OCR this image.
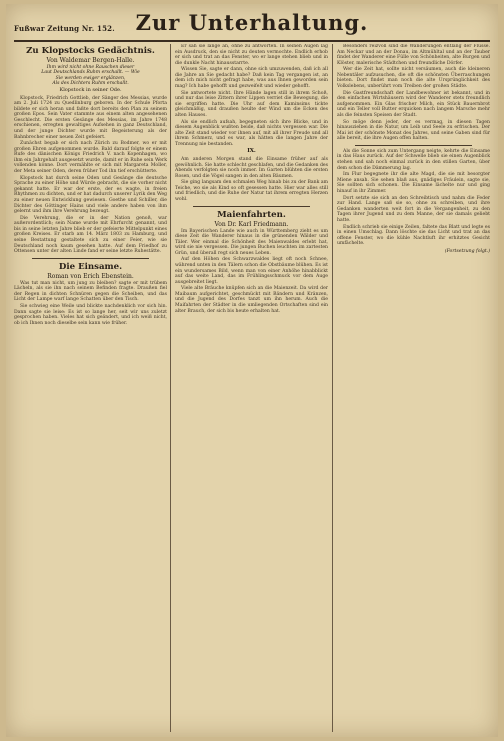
Fußwar Zeitung Nr. 152. Zur Unterhaltung.
Zu Klopstocks Gedächtnis.
Von Waldemar Bergen-Halle.
Ihm wird nicht ohne Rauschen dieser
Laut Deutschlands Ruhm erschallt. — Wie
Sie werden ewiger erglänzen,
Als des Dichters Ruhm erschallt.
Klopstock in seiner Ode.

Klopstock, Friedrich Gottlieb, der Sänger des Messias, wurde am 2. Juli 1724 zu Quedlinburg geboren. In der Schule Pforta bildete er sich heran und faßte dort bereits den Plan zu seinem großen Epos. Sein Vater stammte aus einem alten angesehenen Geschlecht. Die ersten Gesänge des Messias, im Jahre 1748 erschienen, erregten gewaltiges Aufsehen in ganz Deutschland, und der junge Dichter wurde mit Begeisterung als der Bahnbrecher einer neuen Zeit gefeiert.

Zunächst begab er sich nach Zürich zu Bodmer, wo er mit großen Ehren aufgenommen wurde. Bald darauf folgte er einem Rufe des dänischen Königs Friedrich V. nach Kopenhagen, wo ihm ein Jahrgehalt ausgesetzt wurde, damit er in Ruhe sein Werk vollenden könne. Dort vermählte er sich mit Margareta Moller, der Meta seiner Oden, deren früher Tod ihn tief erschütterte.

Klopstock hat durch seine Oden und Gesänge die deutsche Sprache zu einer Höhe und Würde gebracht, die sie vorher nicht gekannt hatte. Er war der erste, der es wagte, in freien Rhythmen zu dichten, und er hat dadurch unserer Lyrik den Weg zu einer neuen Entwicklung gewiesen. Goethe und Schiller, die Dichter des Göttinger Hains und viele andere haben von ihm gelernt und ihm ihre Verehrung bezeugt.

Die Verehrung, die er in der Nation genoß, war außerordentlich; sein Name wurde mit Ehrfurcht genannt, und bis in seine letzten Jahre blieb er der gefeierte Mittelpunkt eines großen Kreises. Er starb am 14. März 1803 zu Hamburg, und seine Bestattung gestaltete sich zu einer Feier, wie sie Deutschland noch kaum gesehen hatte. Auf dem Friedhof zu Ottensen unter der alten Linde fand er seine letzte Ruhestätte.

Die Einsame.
Roman von Erich Ebenstein.

Was tut man nicht, um jung zu bleiben? sagte er mit trübem Lächeln, als sie ihn nach seinem Befinden fragte. Draußen fiel der Regen in dichten Schnüren gegen die Scheiben, und das Licht der Lampe warf lange Schatten über den Tisch.

Sie schwieg eine Weile und blickte nachdenklich vor sich hin. Dann sagte sie leise: Es ist so lange her, seit wir uns zuletzt gesprochen haben. Vieles hat sich geändert, und ich weiß nicht, ob ich Ihnen noch dieselbe sein kann wie früher.

Er sah sie lange an, ohne zu antworten. In seinen Augen lag ein Ausdruck, den sie nicht zu deuten vermochte. Endlich erhob er sich und trat an das Fenster, wo er lange stehen blieb und in die dunkle Nacht hinausstarrte.

Wissen Sie, sagte er dann, ohne sich umzuwenden, daß ich all die Jahre an Sie gedacht habe? Daß kein Tag vergangen ist, an dem ich mich nicht gefragt habe, was aus Ihnen geworden sein mag? Ich habe gehofft und gezweifelt und wieder gehofft.

Sie antwortete nicht. Ihre Hände lagen still in ihrem Schoß, und nur das leise Zittern ihrer Lippen verriet die Bewegung, die sie ergriffen hatte. Die Uhr auf dem Kaminsims tickte gleichmäßig, und draußen heulte der Wind um die Ecken des alten Hauses.

Als sie endlich aufsah, begegneten sich ihre Blicke, und in diesem Augenblick wußten beide, daß nichts vergessen war. Die alte Zeit stand wieder vor ihnen auf, mit all ihrer Freude und all ihrem Schmerz, und es war, als hätten die langen Jahre der Trennung nie bestanden.

IX.

Am anderen Morgen stand die Einsame früher auf als gewöhnlich. Sie hatte schlecht geschlafen, und die Gedanken des Abends verfolgten sie noch immer. Im Garten blühten die ersten Rosen, und die Vögel sangen in den alten Bäumen.

Sie ging langsam den schmalen Weg hinab bis zu der Bank am Teiche, wo sie als Kind so oft gesessen hatte. Hier war alles still und friedlich, und die Ruhe der Natur tat ihrem erregten Herzen wohl.

Maienfahrten.
Von Dr. Karl Friedmann.

Im Bayerischen Lande wie auch in Württemberg zieht es um diese Zeit die Wanderer hinaus in die grünenden Wälder und Täler. Wer einmal die Schönheit des Maienwaldes erlebt hat, wird sie nie vergessen. Die jungen Buchen leuchten im zartesten Grün, und überall regt sich neues Leben.

Auf den Höhen des Schwarzwaldes liegt oft noch Schnee, während unten in den Tälern schon die Obstbäume blühen. Es ist ein wundersames Bild, wenn man von einer Anhöhe hinabblickt auf das weite Land, das im Frühlingsschmuck vor dem Auge ausgebreitet liegt.

Viele alte Bräuche knüpfen sich an die Maienzeit. Da wird der Maibaum aufgerichtet, geschmückt mit Bändern und Kränzen, und die Jugend des Dorfes tanzt um ihn herum. Auch die Maifahrten der Städter in die umliegenden Ortschaften sind ein alter Brauch, der sich bis heute erhalten hat.

Besonders reizvoll sind die Wanderungen entlang der Flüsse. Am Neckar und an der Donau, im Altmühltal und an der Tauber findet der Wanderer eine Fülle von Schönheiten, alte Burgen und Klöster, malerische Städtchen und freundliche Dörfer.

Wer die Zeit hat, sollte nicht versäumen, auch die kleineren Nebentäler aufzusuchen, die oft die schönsten Überraschungen bieten. Dort findet man noch die alte Ursprünglichkeit des Volkslebens, unberührt vom Treiben der großen Städte.

Die Gastfreundschaft der Landbewohner ist bekannt, und in den einfachen Wirtshäusern wird der Wanderer stets freundlich aufgenommen. Ein Glas frischer Milch, ein Stück Bauernbrot und ein Teller voll Butter erquicken nach langem Marsche mehr als die feinsten Speisen der Stadt.

So möge denn jeder, der es vermag, in diesen Tagen hinausziehen in die Natur, um Leib und Seele zu erfrischen. Der Mai ist der schönste Monat des Jahres, und seine Gaben sind für alle bereit, die ihre Augen offen halten.

Als die Sonne sich zum Untergang neigte, kehrte die Einsame in das Haus zurück. Auf der Schwelle blieb sie einen Augenblick stehen und sah noch einmal zurück in den stillen Garten, über dem schon die Dämmerung lag.

Im Flur begegnete ihr die alte Magd, die sie mit besorgter Miene ansah. Sie sehen blaß aus, gnädiges Fräulein, sagte sie, Sie sollten sich schonen. Die Einsame lächelte nur und ging hinauf in ihr Zimmer.

Dort setzte sie sich an den Schreibtisch und nahm die Feder zur Hand. Lange saß sie so, ohne zu schreiben, und ihre Gedanken wanderten weit fort in die Vergangenheit, zu den Tagen ihrer Jugend und zu dem Manne, der sie damals geliebt hatte.

Endlich schrieb sie einige Zeilen, faltete das Blatt und legte es in einen Umschlag. Dann löschte sie das Licht und trat an das offene Fenster, wo die kühle Nachtluft ihr erhitztes Gesicht umfächelte.

(Fortsetzung folgt.)
